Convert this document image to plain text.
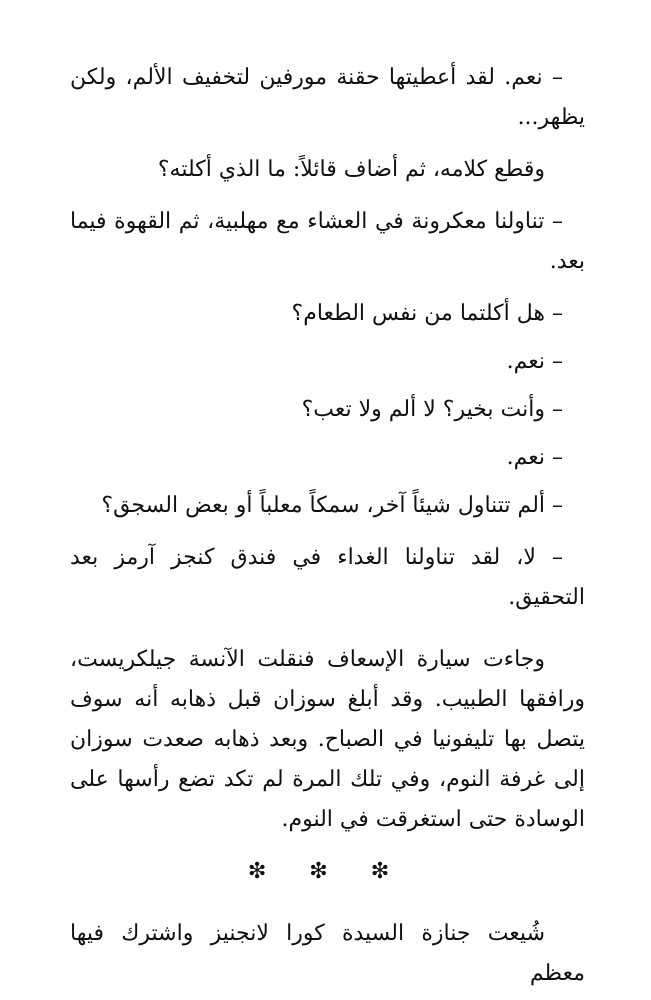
– نعم. لقد أعطيتها حقنة مورفين لتخفيف الألم، ولكن يظهر...

وقطع كلامه، ثم أضاف قائلاً: ما الذي أكلته؟

– تناولنا معكرونة في العشاء مع مهلبية، ثم القهوة فيما بعد.

– هل أكلتما من نفس الطعام؟

– نعم.

– وأنت بخير؟ لا ألم ولا تعب؟

– نعم.

– ألم تتناول شيئاً آخر، سمكاً معلباً أو بعض السجق؟

– لا، لقد تناولنا الغداء في فندق كنجز آرمز بعد التحقيق.

وجاءت سيارة الإسعاف فنقلت الآنسة جيلكريست، ورافقها الطبيب. وقد أبلغ سوزان قبل ذهابه أنه سوف يتصل بها تليفونيا في الصباح. وبعد ذهابه صعدت سوزان إلى غرفة النوم، وفي تلك المرة لم تكد تضع رأسها على الوسادة حتى استغرقت في النوم.

❇ ❇ ❇

شُيعت جنازة السيدة كورا لانجنيز واشترك فيها معظم
